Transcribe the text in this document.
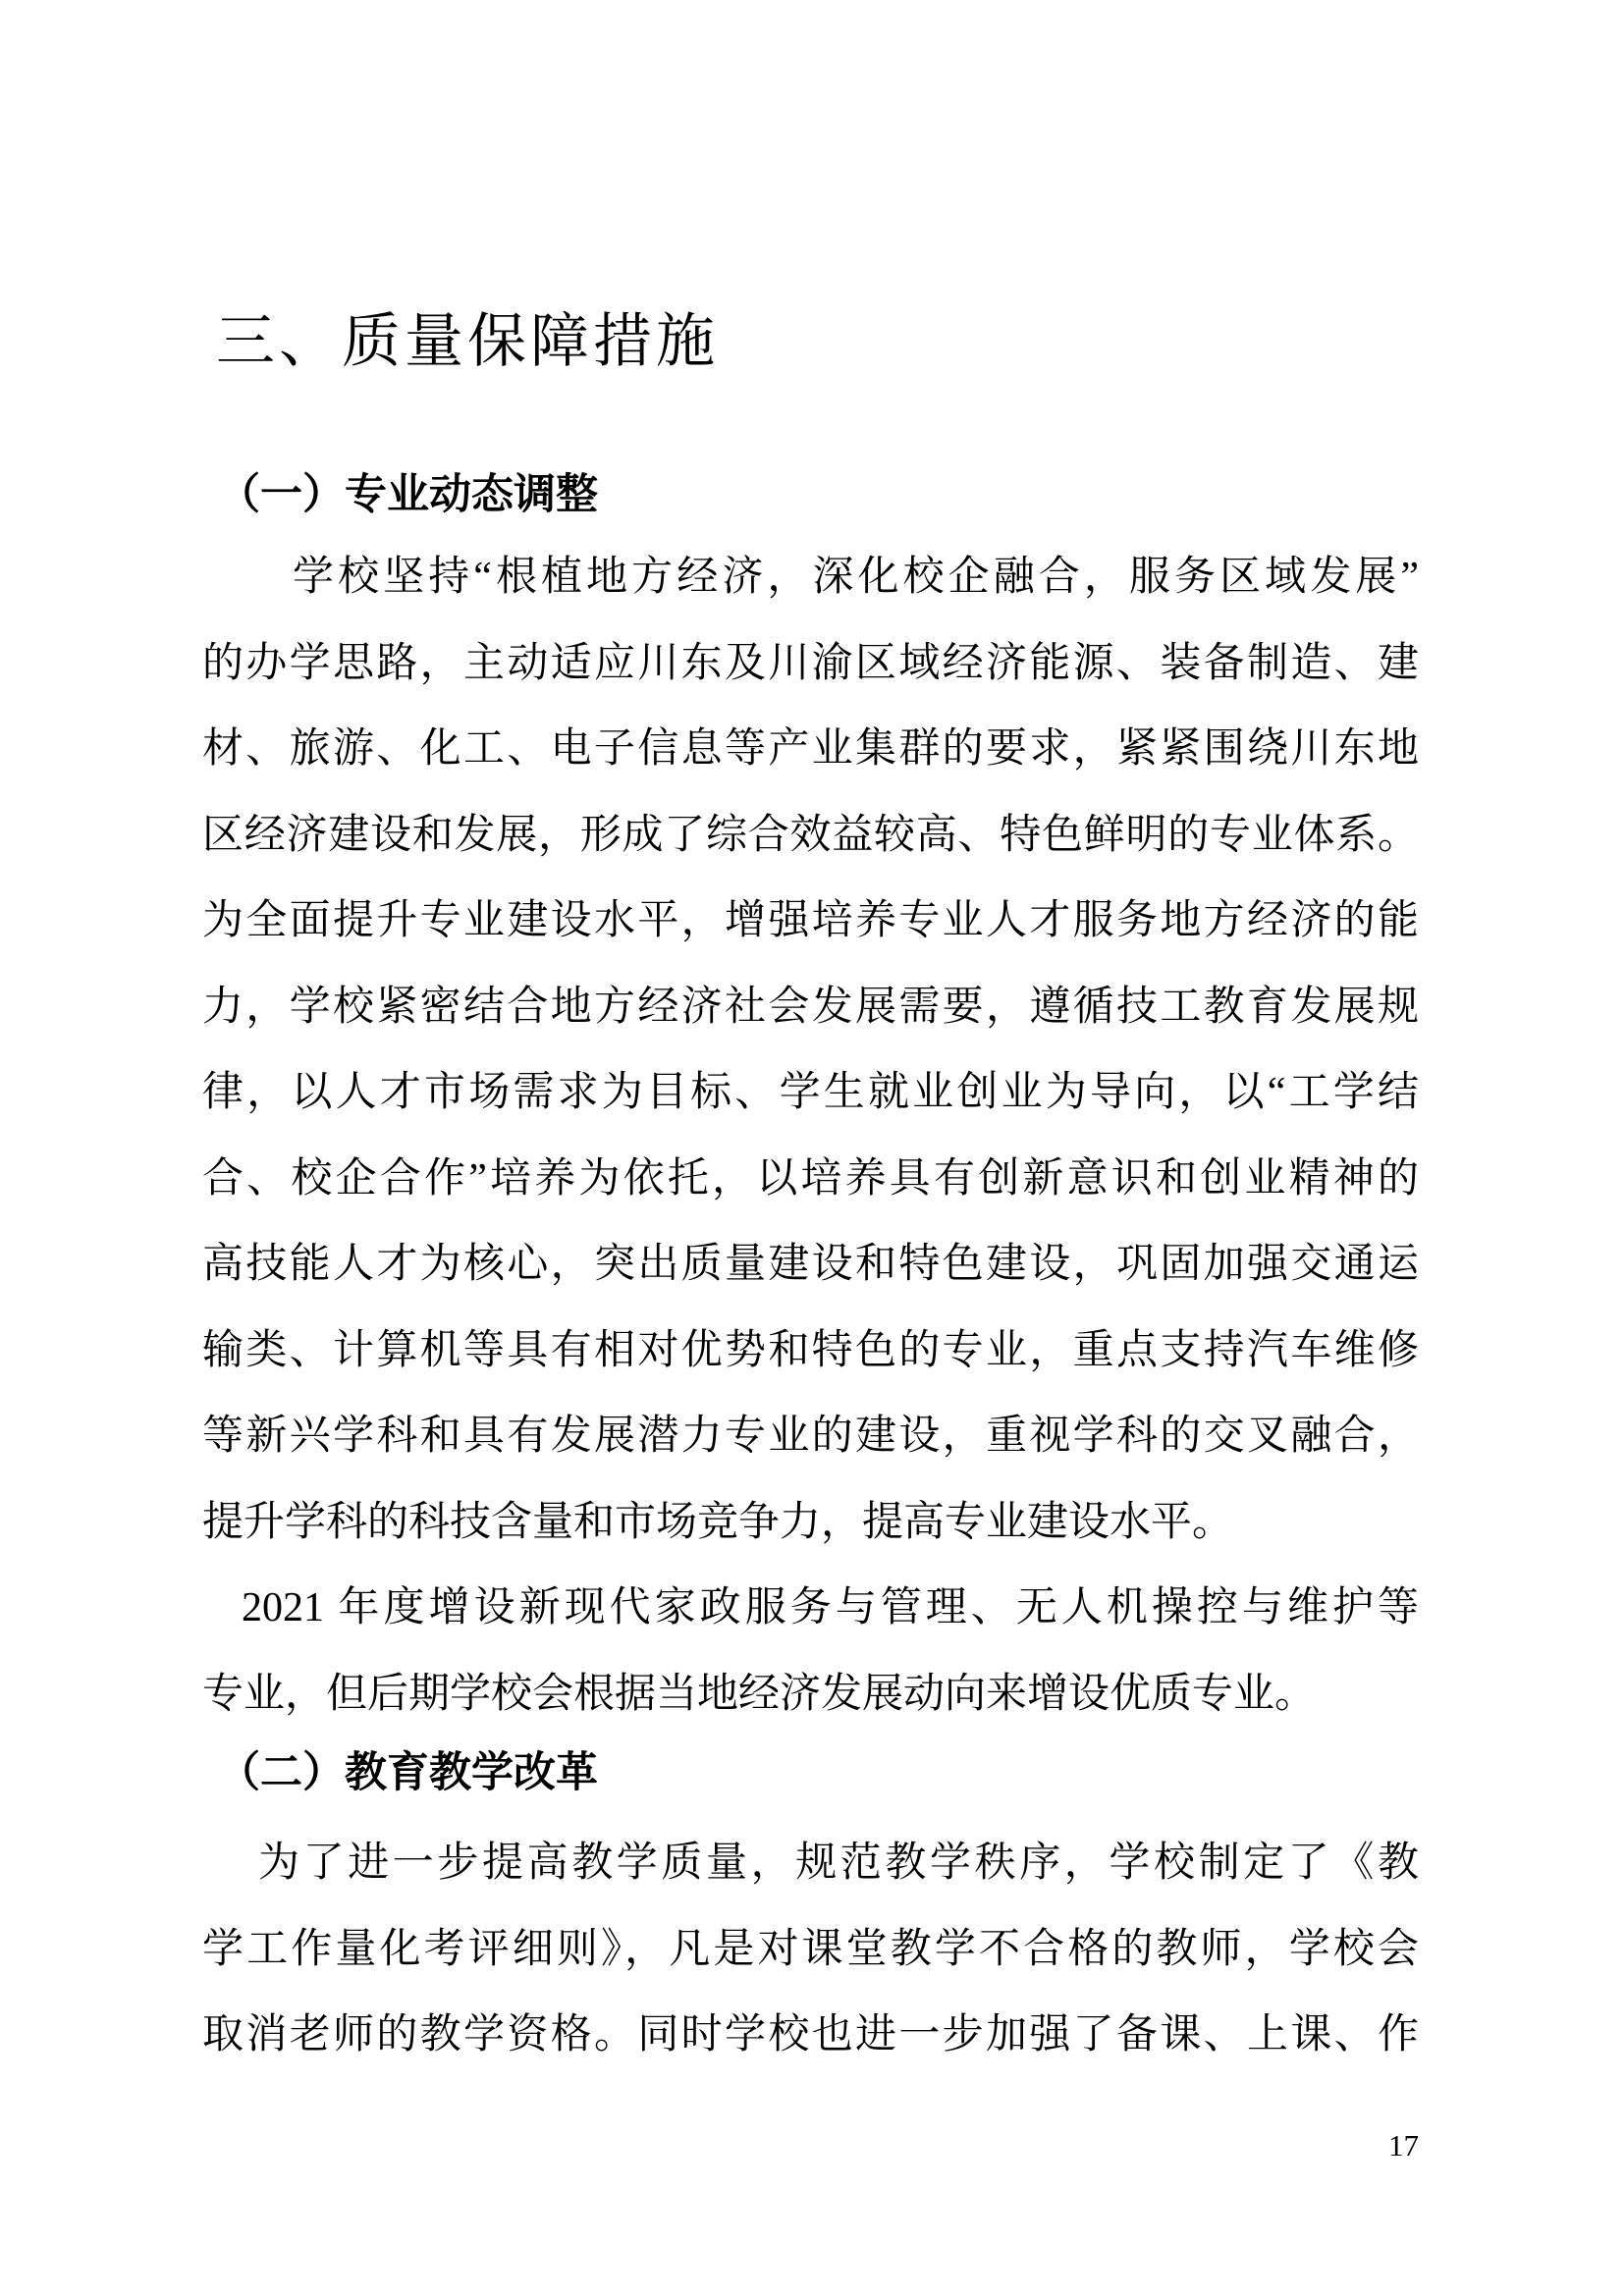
三、质量保障措施
（一）专业动态调整
学校坚持“根植地方经济，深化校企融合，服务区域发展”
的办学思路，主动适应川东及川渝区域经济能源、装备制造、建
材、旅游、化工、电子信息等产业集群的要求，紧紧围绕川东地
区经济建设和发展，形成了综合效益较高、特色鲜明的专业体系。
为全面提升专业建设水平，增强培养专业人才服务地方经济的能
力，学校紧密结合地方经济社会发展需要，遵循技工教育发展规
律，以人才市场需求为目标、学生就业创业为导向，以“工学结
合、校企合作”培养为依托，以培养具有创新意识和创业精神的
高技能人才为核心，突出质量建设和特色建设，巩固加强交通运
输类、计算机等具有相对优势和特色的专业，重点支持汽车维修
等新兴学科和具有发展潜力专业的建设，重视学科的交叉融合，
提升学科的科技含量和市场竞争力，提高专业建设水平。
2021 年度增设新现代家政服务与管理、无人机操控与维护等
专业，但后期学校会根据当地经济发展动向来增设优质专业。
（二）教育教学改革
为了进一步提高教学质量，规范教学秩序，学校制定了《教
学工作量化考评细则》，凡是对课堂教学不合格的教师，学校会
取消老师的教学资格。同时学校也进一步加强了备课、上课、作
17
